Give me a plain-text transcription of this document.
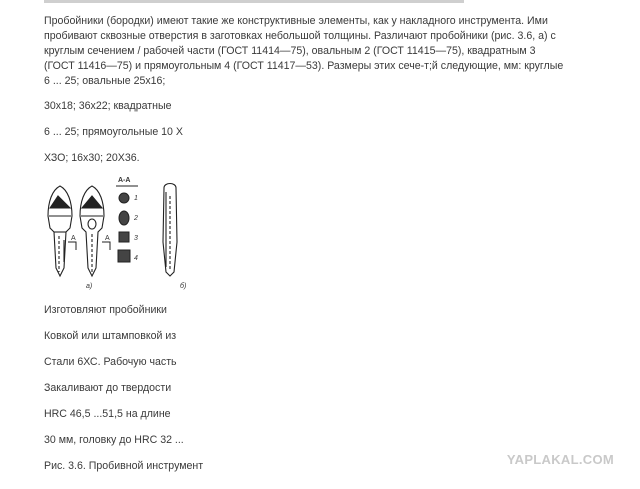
Пробойники (бородки) имеют такие же конструктивные элементы, как у накладного инструмента. Ими пробивают сквозные отверстия в заготовках небольшой толщины. Различают пробойники (рис. 3.6, а) с круглым сечением / рабочей части (ГОСТ 11414—75), овальным 2 (ГОСТ 11415—75), квадратным 3 (ГОСТ 11416—75) и прямоугольным 4 (ГОСТ 11417—53). Размеры этих сече-т;й следующие, мм: круглые 6 ... 25; овальные 25х16;

30х18; 36х22; квадратные

6 ... 25; прямоугольные 10 X

ХЗО; 16х30; 20Х36.

А	А
А-А
1
2
3
4
а)	б)

Изготовляют пробойники

Ковкой или штамповкой из

Стали 6ХС. Рабочую часть

Закаливают до твердости

HRC 46,5 ...51,5 на длине

30 мм, головку до HRC 32 ...

Рис. 3.6. Пробивной инструмент	YAPLAKAL.COM
